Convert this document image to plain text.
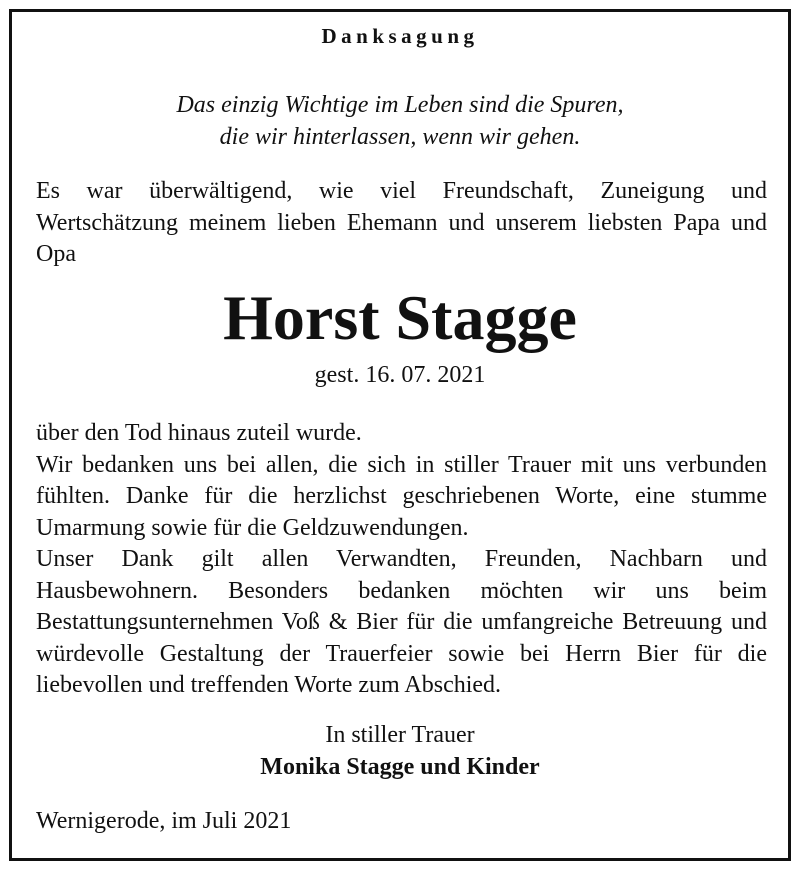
Danksagung
Das einzig Wichtige im Leben sind die Spuren,
die wir hinterlassen, wenn wir gehen.
Es war überwältigend, wie viel Freundschaft, Zuneigung und Wertschätzung meinem lieben Ehemann und unserem liebsten Papa und Opa
Horst Stagge
gest. 16. 07. 2021
über den Tod hinaus zuteil wurde.
Wir bedanken uns bei allen, die sich in stiller Trauer mit uns verbunden fühlten. Danke für die herzlichst geschriebenen Worte, eine stumme Umarmung sowie für die Geldzuwendungen.
Unser Dank gilt allen Verwandten, Freunden, Nachbarn und Hausbewohnern. Besonders bedanken möchten wir uns beim Bestattungsunternehmen Voß & Bier für die umfangreiche Betreuung und würdevolle Gestaltung der Trauerfeier sowie bei Herrn Bier für die liebevollen und treffenden Worte zum Abschied.
In stiller Trauer
Monika Stagge und Kinder
Wernigerode, im Juli 2021
